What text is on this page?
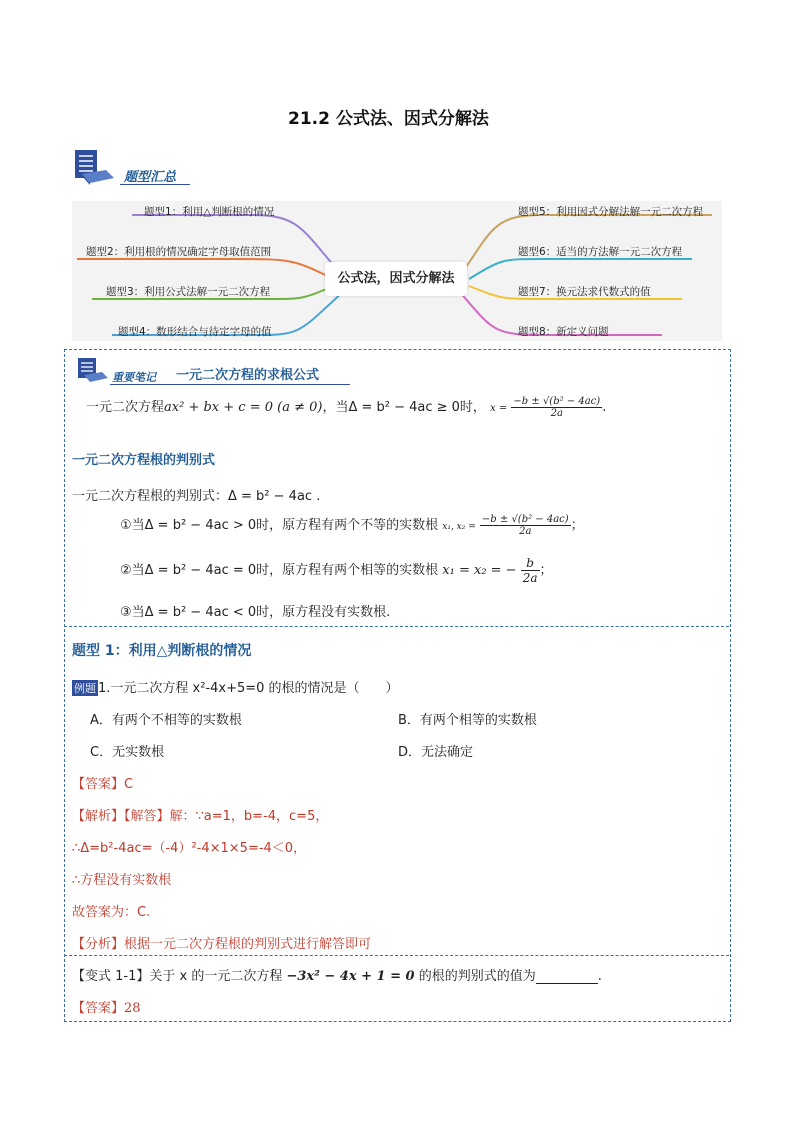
21.2 公式法、因式分解法
题型汇总
公式法，因式分解法
题型1：利用△判断根的情况
题型2：利用根的情况确定字母取值范围
题型3：利用公式法解一元二次方程
题型4：数形结合与待定字母的值
题型5：利用因式分解法解一元二次方程
题型6：适当的方法解一元二次方程
题型7：换元法求代数式的值
题型8：新定义问题
重要笔记 一元二次方程的求根公式
一元二次方程ax² + bx + c = 0 (a ≠ 0)，当Δ = b² − 4ac ≥ 0时， $x = \frac{\text{−b ± √(b² − 4ac)}}{2a}$ .
一元二次方程根的判别式
一元二次方程根的判别式：Δ = b² − 4ac .
①当Δ = b² − 4ac > 0时，原方程有两个不等的实数根 x₁, $x_2 = \frac{\text{−b ± √(b² − 4ac)}}{2a}$ ；
②当Δ = b² − 4ac = 0时，原方程有两个相等的实数根 x₁ = x₂ = − $\frac{b}{2a}$ ；
③当Δ = b² − 4ac < 0时，原方程没有实数根.
题型 1：利用△判断根的情况
例题 1.一元二次方程 x²-4x+5=0 的根的情况是（　　）
A．有两个不相等的实数根	B．有两个相等的实数根
C．无实数根	D．无法确定
【答案】C
【解析】【解答】解：∵a=1，b=-4，c=5，
∴Δ=b²-4ac=（-4）²-4×1×5=-4＜0，
∴方程没有实数根
故答案为：C.
【分析】根据一元二次方程根的判别式进行解答即可
【变式 1-1】关于 x 的一元二次方程 −3x² − 4x + 1 = 0 的根的判别式的值为	.
【答案】28
